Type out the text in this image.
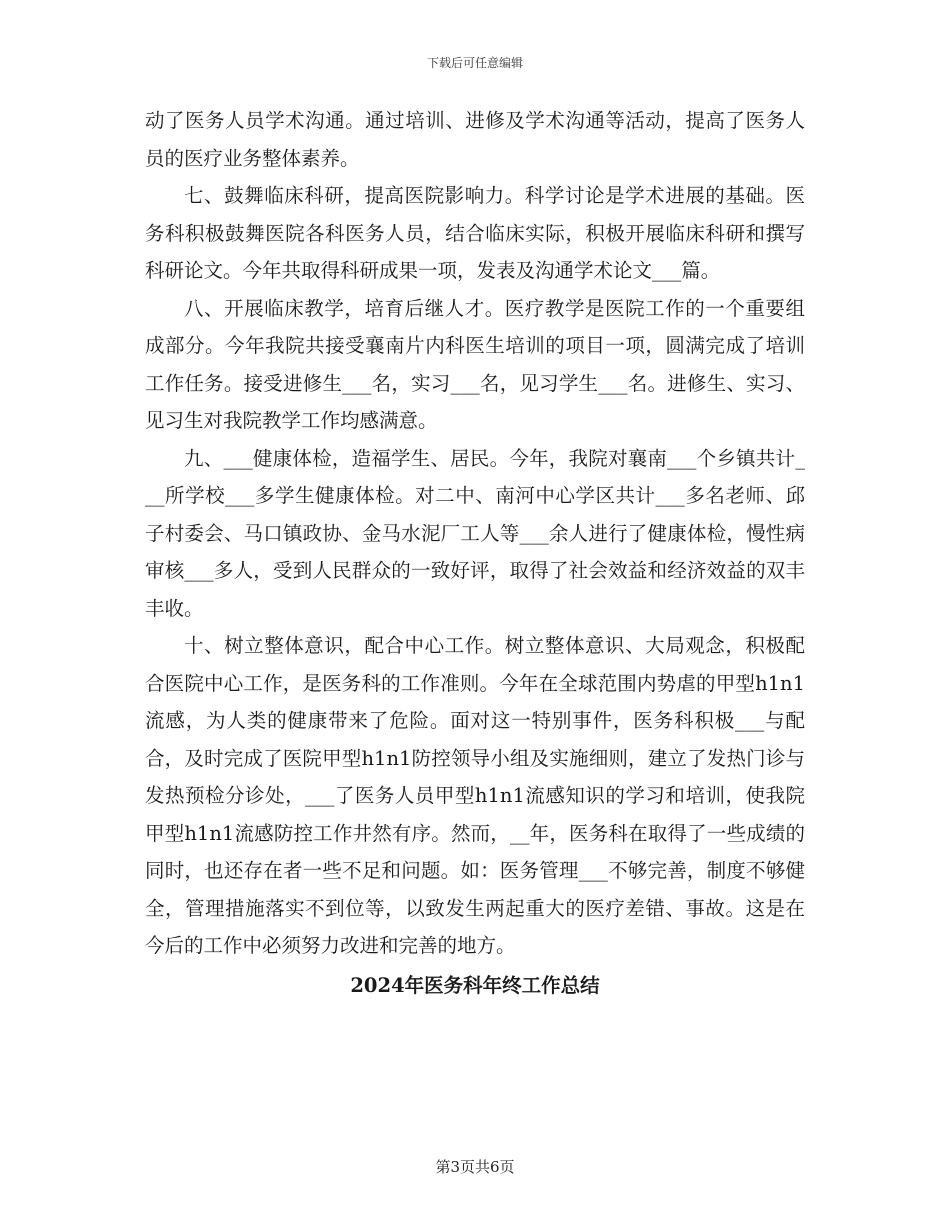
下载后可任意编辑

动了医务人员学术沟通。通过培训、进修及学术沟通等活动，提高了医务人员的医疗业务整体素养。

七、鼓舞临床科研，提高医院影响力。科学讨论是学术进展的基础。医务科积极鼓舞医院各科医务人员，结合临床实际，积极开展临床科研和撰写科研论文。今年共取得科研成果一项，发表及沟通学术论文___篇。

八、开展临床教学，培育后继人才。医疗教学是医院工作的一个重要组成部分。今年我院共接受襄南片内科医生培训的项目一项，圆满完成了培训工作任务。接受进修生___名，实习___名，见习学生___名。进修生、实习、见习生对我院教学工作均感满意。

九、___健康体检，造福学生、居民。今年，我院对襄南___个乡镇共计___所学校___多学生健康体检。对二中、南河中心学区共计___多名老师、邱子村委会、马口镇政协、金马水泥厂工人等___余人进行了健康体检，慢性病审核___多人，受到人民群众的一致好评，取得了社会效益和经济效益的双丰丰收。

十、树立整体意识，配合中心工作。树立整体意识、大局观念，积极配合医院中心工作，是医务科的工作准则。今年在全球范围内势虐的甲型h1n1流感，为人类的健康带来了危险。面对这一特别事件，医务科积极___与配合，及时完成了医院甲型h1n1防控领导小组及实施细则，建立了发热门诊与发热预检分诊处，___了医务人员甲型h1n1流感知识的学习和培训，使我院甲型h1n1流感防控工作井然有序。然而，__年，医务科在取得了一些成绩的同时，也还存在者一些不足和问题。如：医务管理___不够完善，制度不够健全，管理措施落实不到位等，以致发生两起重大的医疗差错、事故。这是在今后的工作中必须努力改进和完善的地方。

2024年医务科年终工作总结

第3页共6页
